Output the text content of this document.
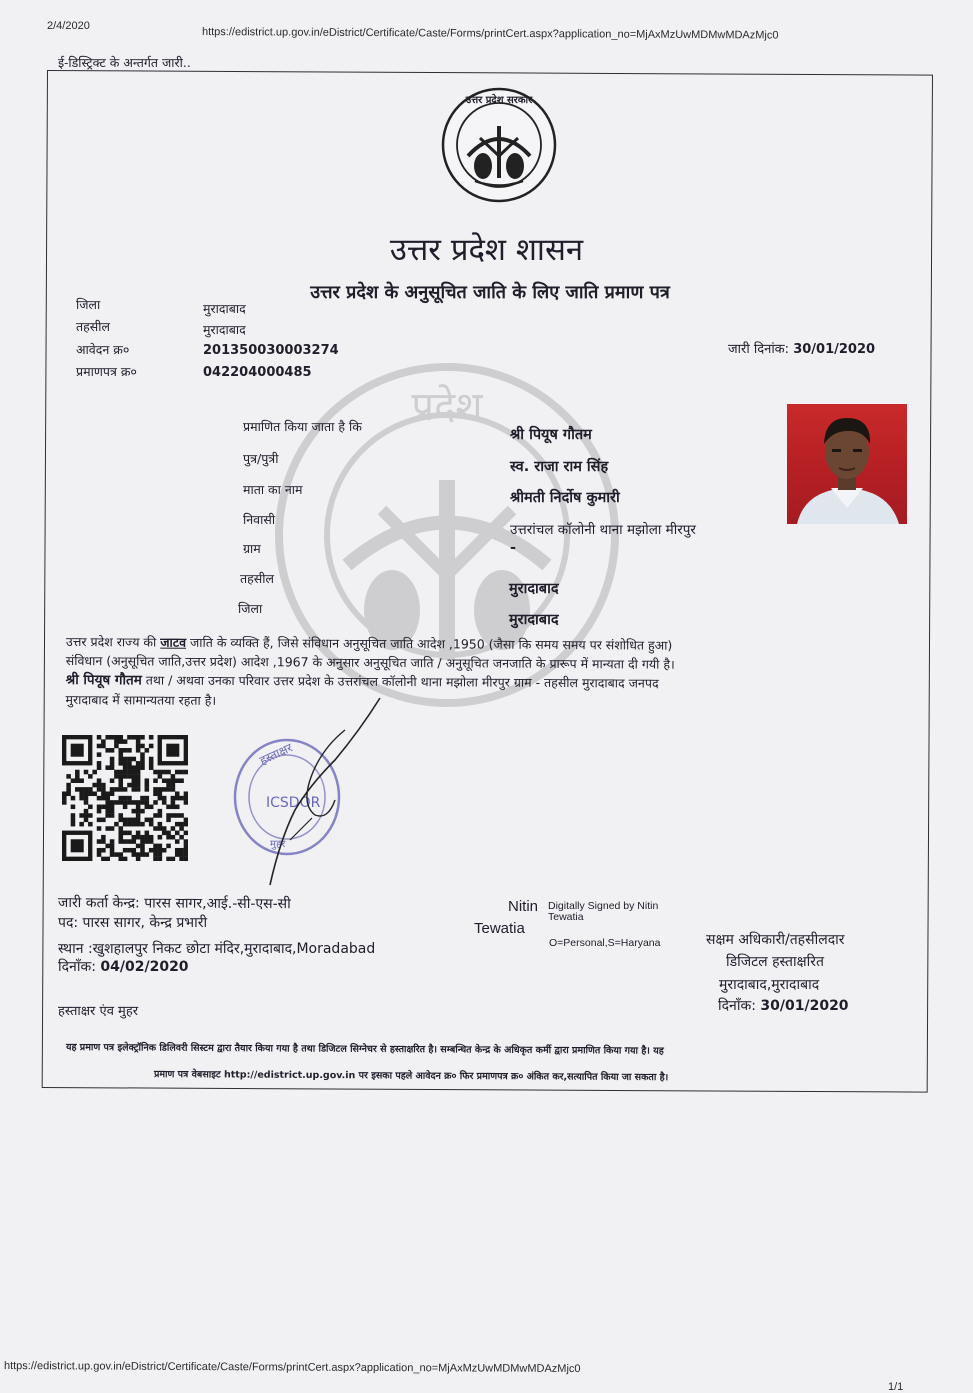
2/4/2020	https://edistrict.up.gov.in/eDistrict/Certificate/Caste/Forms/printCert.aspx?application_no=MjAxMzUwMDMwMDAzMjc0
ई-डिस्ट्रिक्ट के अन्तर्गत जारी..
प्रदेश
उत्तर प्रदेश सरकार
उत्तर प्रदेश शासन
उत्तर प्रदेश के अनुसूचित जाति के लिए जाति प्रमाण पत्र
जिला	मुरादाबाद
तहसील	मुरादाबाद
आवेदन क्र०	201350030003274
प्रमाणपत्र क्र०	042204000485
जारी दिनांक: 30/01/2020
प्रमाणित किया जाता है कि
श्री पियूष गौतम
पुत्र/पुत्री
स्व. राजा राम सिंह
माता का नाम
श्रीमती निर्दोष कुमारी
निवासी
उत्तरांचल कॉलोनी थाना मझोला मीरपुर
ग्राम	-
तहसील
मुरादाबाद
जिला
मुरादाबाद
उत्तर प्रदेश राज्य की जाटव जाति के व्यक्ति हैं, जिसे संविधान अनुसूचित जाति आदेश ,1950 (जैसा कि समय समय पर संशोधित हुआ)
संविधान (अनुसूचित जाति,उत्तर प्रदेश) आदेश ,1967 के अनुसार अनुसूचित जाति / अनुसूचित जनजाति के प्रारूप में मान्यता दी गयी है।
श्री पियूष गौतम तथा / अथवा उनका परिवार उत्तर प्रदेश के उत्तरांचल कॉलोनी थाना मझोला मीरपुर ग्राम - तहसील मुरादाबाद जनपद
मुरादाबाद में सामान्यतया रहता है।
हस्ताक्षर
ICSDOR
मुहर
जारी कर्ता केन्द्र: पारस सागर,आई.-सी-एस-सी
पद: पारस सागर, केन्द्र प्रभारी
स्थान :खुशहालपुर निकट छोटा मंदिर,मुरादाबाद,Moradabad
दिनाँक: 04/02/2020
हस्ताक्षर एंव मुहर
Nitin
Tewatia
Digitally Signed by Nitin
Tewatia
O=Personal,S=Haryana	सक्षम अधिकारी/तहसीलदार
डिजिटल हस्ताक्षरित
मुरादाबाद,मुरादाबाद
दिनाँक: 30/01/2020
यह प्रमाण पत्र इलेक्ट्रॉनिक डिलिवरी सिस्टम द्वारा तैयार किया गया है तथा डिजिटल सिग्नेचर से हस्ताक्षरित है। सम्बन्धित केन्द्र के अधिकृत कर्मी द्वारा प्रमाणित किया गया है। यह
प्रमाण पत्र वेबसाइट http://edistrict.up.gov.in पर इसका पहले आवेदन क्र० फिर प्रमाणपत्र क्र० अंकित कर,सत्यापित किया जा सकता है।
https://edistrict.up.gov.in/eDistrict/Certificate/Caste/Forms/printCert.aspx?application_no=MjAxMzUwMDMwMDAzMjc0
1/1
